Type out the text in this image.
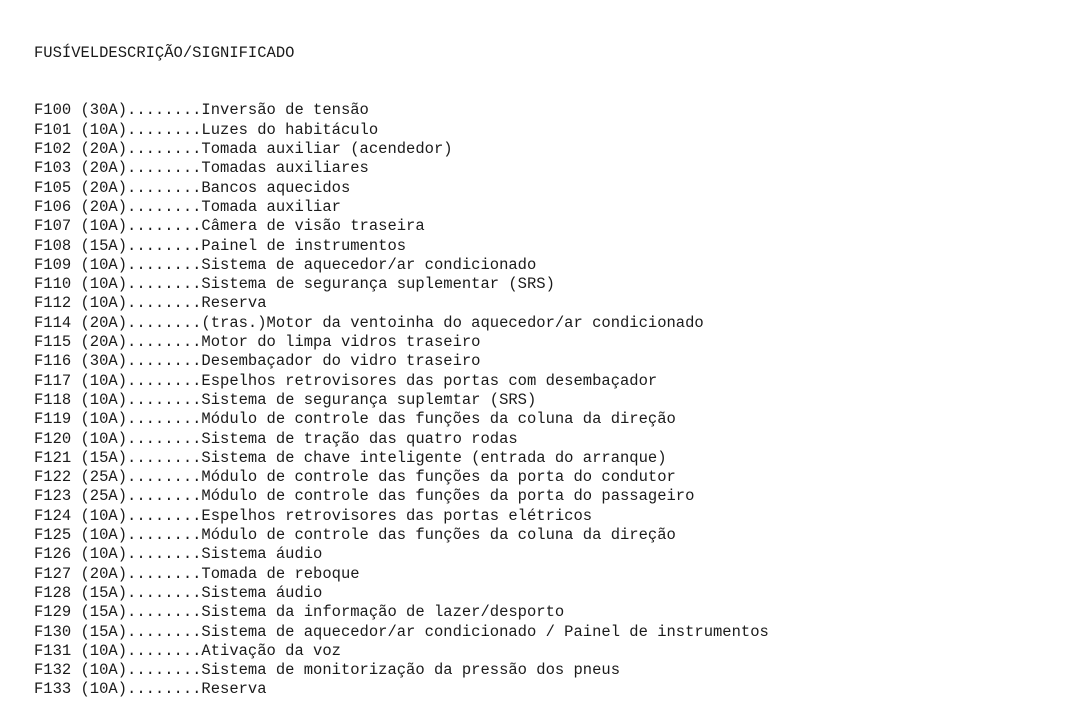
FUSÍVELDESCRIÇÃO/SIGNIFICADO

F100 (30A)........Inversão de tensão
F101 (10A)........Luzes do habitáculo
F102 (20A)........Tomada auxiliar (acendedor)
F103 (20A)........Tomadas auxiliares
F105 (20A)........Bancos aquecidos
F106 (20A)........Tomada auxiliar
F107 (10A)........Câmera de visão traseira
F108 (15A)........Painel de instrumentos
F109 (10A)........Sistema de aquecedor/ar condicionado
F110 (10A)........Sistema de segurança suplementar (SRS)
F112 (10A)........Reserva
F114 (20A)........(tras.)Motor da ventoinha do aquecedor/ar condicionado
F115 (20A)........Motor do limpa vidros traseiro
F116 (30A)........Desembaçador do vidro traseiro
F117 (10A)........Espelhos retrovisores das portas com desembaçador
F118 (10A)........Sistema de segurança suplemtar (SRS)
F119 (10A)........Módulo de controle das funções da coluna da direção
F120 (10A)........Sistema de tração das quatro rodas
F121 (15A)........Sistema de chave inteligente (entrada do arranque)
F122 (25A)........Módulo de controle das funções da porta do condutor
F123 (25A)........Módulo de controle das funções da porta do passageiro
F124 (10A)........Espelhos retrovisores das portas elétricos
F125 (10A)........Módulo de controle das funções da coluna da direção
F126 (10A)........Sistema áudio
F127 (20A)........Tomada de reboque
F128 (15A)........Sistema áudio
F129 (15A)........Sistema da informação de lazer/desporto
F130 (15A)........Sistema de aquecedor/ar condicionado / Painel de instrumentos
F131 (10A)........Ativação da voz
F132 (10A)........Sistema de monitorização da pressão dos pneus
F133 (10A)........Reserva
